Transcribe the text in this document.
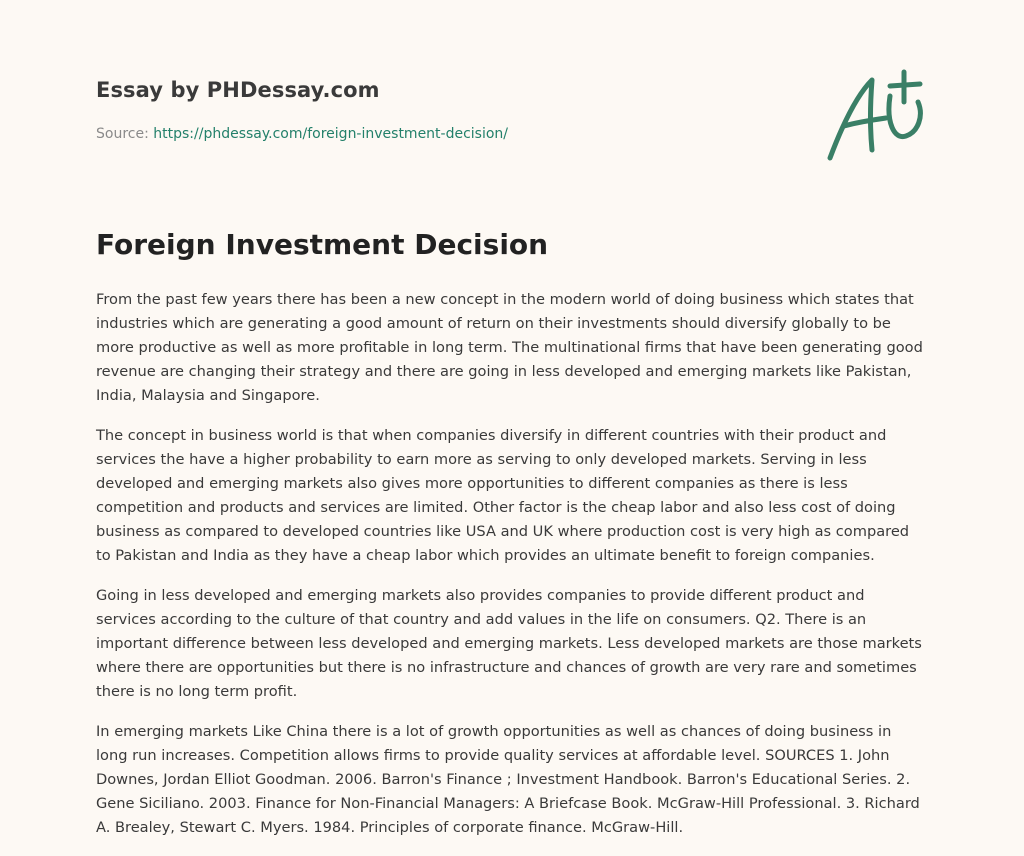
Essay by PHDessay.com
Source: https://phdessay.com/foreign-investment-decision/
Foreign Investment Decision

From the past few years there has been a new concept in the modern world of doing business which states that industries which are generating a good amount of return on their investments should diversify globally to be more productive as well as more profitable in long term. The multinational firms that have been generating good revenue are changing their strategy and there are going in less developed and emerging markets like Pakistan, India, Malaysia and Singapore.

The concept in business world is that when companies diversify in different countries with their product and services the have a higher probability to earn more as serving to only developed markets. Serving in less developed and emerging markets also gives more opportunities to different companies as there is less competition and products and services are limited. Other factor is the cheap labor and also less cost of doing business as compared to developed countries like USA and UK where production cost is very high as compared to Pakistan and India as they have a cheap labor which provides an ultimate benefit to foreign companies.

Going in less developed and emerging markets also provides companies to provide different product and services according to the culture of that country and add values in the life on consumers. Q2. There is an important difference between less developed and emerging markets. Less developed markets are those markets where there are opportunities but there is no infrastructure and chances of growth are very rare and sometimes there is no long term profit.

In emerging markets Like China there is a lot of growth opportunities as well as chances of doing business in long run increases. Competition allows firms to provide quality services at affordable level. SOURCES 1. John Downes, Jordan Elliot Goodman. 2006. Barron's Finance ; Investment Handbook. Barron's Educational Series. 2. Gene Siciliano. 2003. Finance for Non-Financial Managers: A Briefcase Book. McGraw-Hill Professional. 3. Richard A. Brealey, Stewart C. Myers. 1984. Principles of corporate finance. McGraw-Hill.
